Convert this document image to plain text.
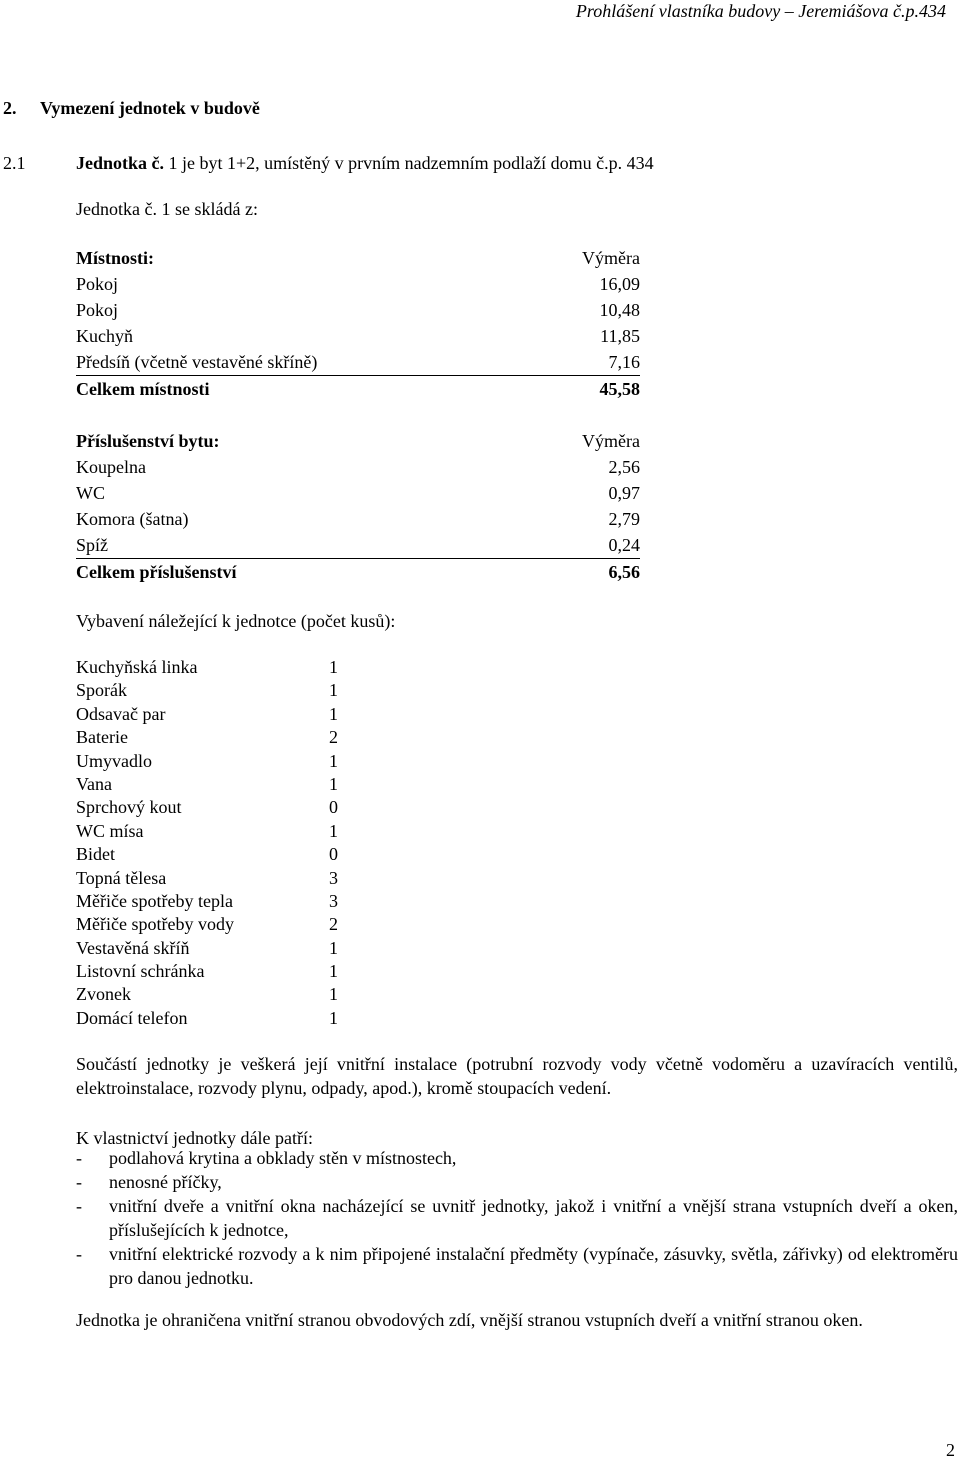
Prohlášení vlastníka budovy – Jeremiášova č.p.434
2. Vymezení jednotek v budově
2.1	Jednotka č. 1 je byt 1+2, umístěný v prvním nadzemním podlaží domu č.p. 434
Jednotka č. 1 se skládá z:
Místnosti:	Výměra
Pokoj	16,09
Pokoj	10,48
Kuchyň	11,85
Předsíň (včetně vestavěné skříně)	7,16
Celkem místnosti	45,58
Příslušenství bytu:	Výměra
Koupelna	2,56
WC	0,97
Komora (šatna)	2,79
Spíž	0,24
Celkem příslušenství	6,56
Vybavení náležející k jednotce (počet kusů):
Kuchyňská linka	1
Sporák	1
Odsavač par	1
Baterie	2
Umyvadlo	1
Vana	1
Sprchový kout	0
WC mísa	1
Bidet	0
Topná tělesa	3
Měřiče spotřeby tepla	3
Měřiče spotřeby vody	2
Vestavěná skříň	1
Listovní schránka	1
Zvonek	1
Domácí telefon	1
Součástí jednotky je veškerá její vnitřní instalace (potrubní rozvody vody včetně vodoměru a uzavíracích ventilů, elektroinstalace, rozvody plynu, odpady, apod.), kromě stoupacích vedení.
K vlastnictví jednotky dále patří:
- podlahová krytina a obklady stěn v místnostech,
- nenosné příčky,
- vnitřní dveře a vnitřní okna nacházející se uvnitř jednotky, jakož i vnitřní a vnější strana vstupních dveří a oken, příslušejících k jednotce,
- vnitřní elektrické rozvody a k nim připojené instalační předměty (vypínače, zásuvky, světla, zářivky) od elektroměru pro danou jednotku.
Jednotka je ohraničena vnitřní stranou obvodových zdí, vnější stranou vstupních dveří a vnitřní stranou oken.
2
